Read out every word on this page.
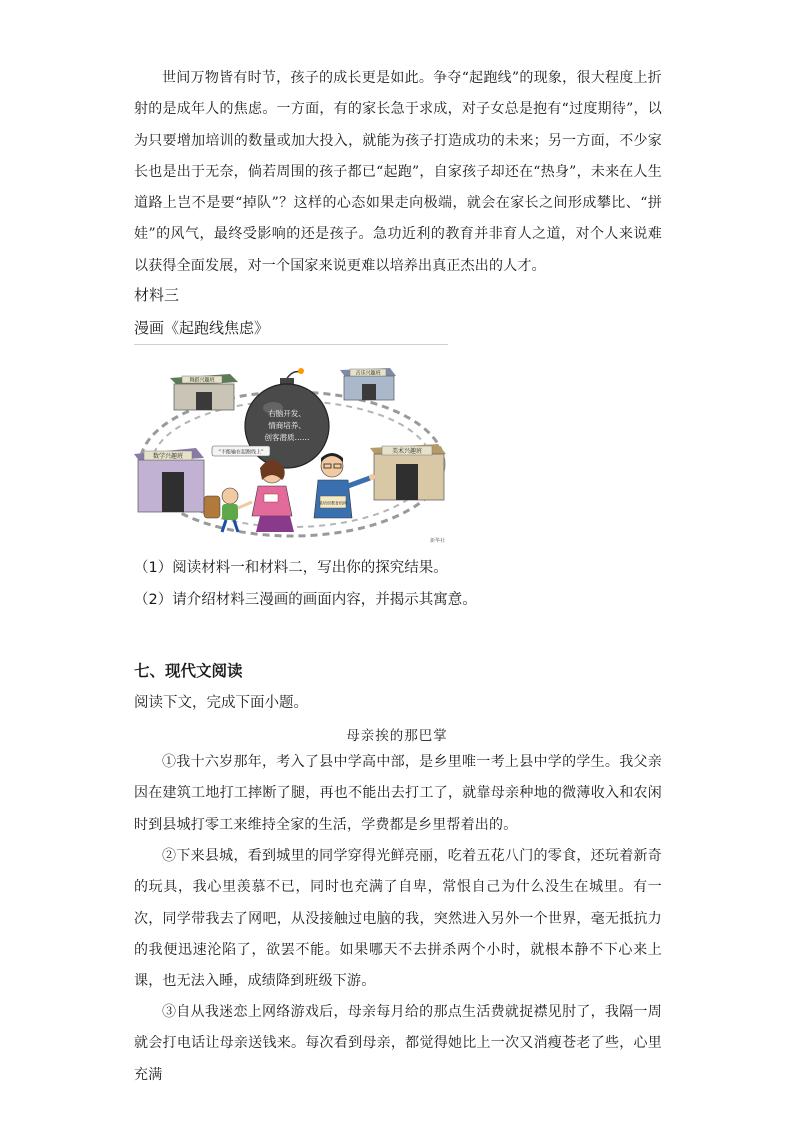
世间万物皆有时节，孩子的成长更是如此。争夺“起跑线”的现象，很大程度上折射的是成年人的焦虑。一方面，有的家长急于求成，对子女总是抱有“过度期待”，以为只要增加培训的数量或加大投入，就能为孩子打造成功的未来；另一方面，不少家长也是出于无奈，倘若周围的孩子都已“起跑”，自家孩子却还在“热身”，未来在人生道路上岂不是要“掉队”？这样的心态如果走向极端，就会在家长之间形成攀比、“拼娃”的风气，最终受影响的还是孩子。急功近利的教育并非育人之道，对个人来说难以获得全面发展，对一个国家来说更难以培养出真正杰出的人才。
材料三
漫画《起跑线焦虑》
舞蹈兴趣班
音乐兴趣班
数学兴趣班
美术兴趣班
右脑开发、
情商培养、
创客潜质……
“不能输在起跑线上”
某培训教育机构
新华社
（1）阅读材料一和材料二，写出你的探究结果。
（2）请介绍材料三漫画的画面内容，并揭示其寓意。
七、现代文阅读
阅读下文，完成下面小题。
母亲挨的那巴掌
①我十六岁那年，考入了县中学高中部，是乡里唯一考上县中学的学生。我父亲因在建筑工地打工摔断了腿，再也不能出去打工了，就靠母亲种地的微薄收入和农闲时到县城打零工来维持全家的生活，学费都是乡里帮着出的。
②下来县城，看到城里的同学穿得光鲜亮丽，吃着五花八门的零食，还玩着新奇的玩具，我心里羡慕不已，同时也充满了自卑，常恨自己为什么没生在城里。有一次，同学带我去了网吧，从没接触过电脑的我，突然进入另外一个世界，毫无抵抗力的我便迅速沦陷了，欲罢不能。如果哪天不去拼杀两个小时，就根本静不下心来上课，也无法入睡，成绩降到班级下游。
③自从我迷恋上网络游戏后，母亲每月给的那点生活费就捉襟见肘了，我隔一周就会打电话让母亲送钱来。每次看到母亲，都觉得她比上一次又消瘦苍老了些，心里充满
